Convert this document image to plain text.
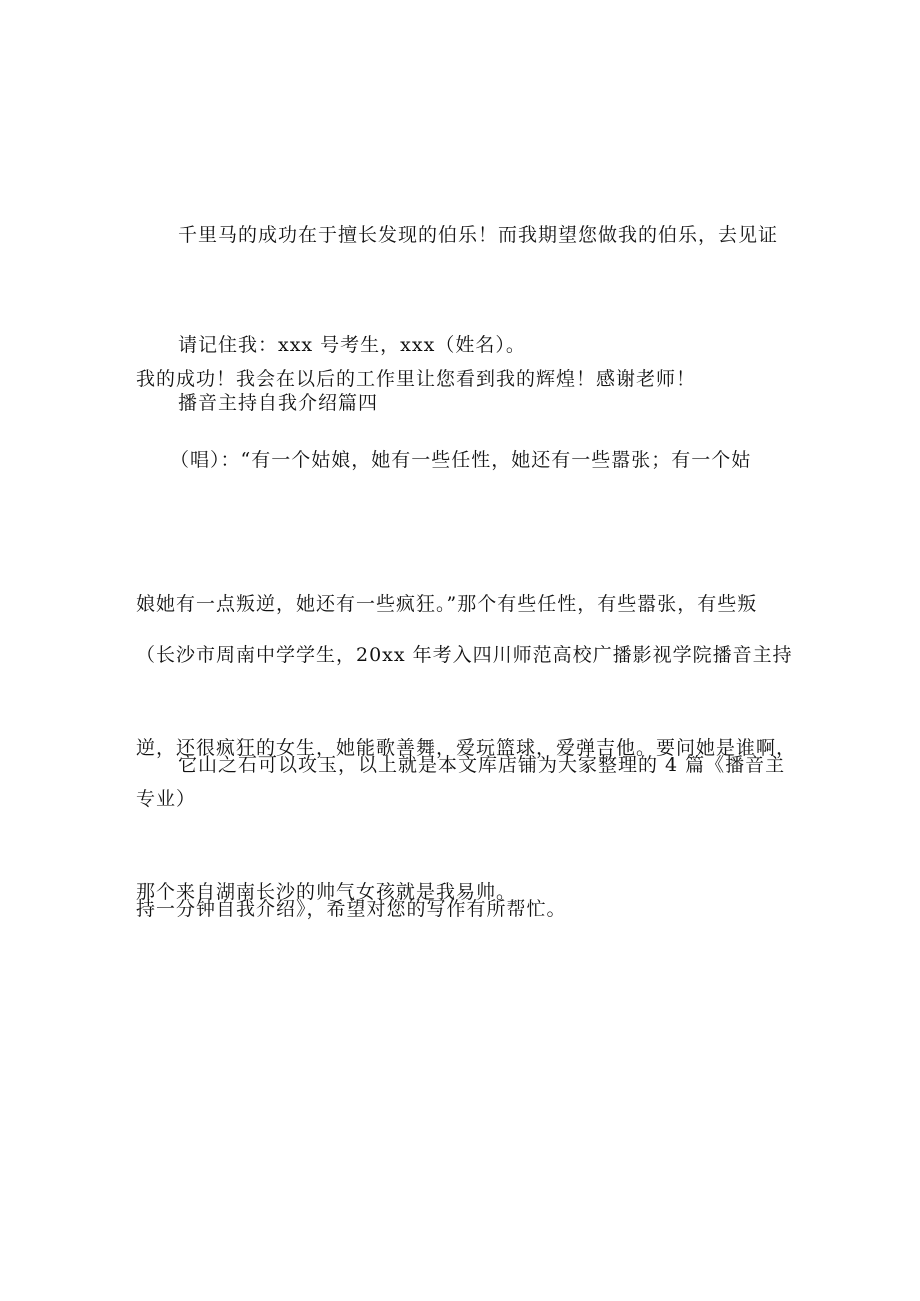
千里马的成功在于擅长发现的伯乐！而我期望您做我的伯乐，去见证

我的成功！我会在以后的工作里让您看到我的辉煌！感谢老师！

请记住我：xxx 号考生，xxx（姓名）。

播音主持自我介绍篇四

（唱）：“有一个姑娘，她有一些任性，她还有一些嚣张；有一个姑

娘她有一点叛逆，她还有一些疯狂。”那个有些任性，有些嚣张，有些叛

逆，还很疯狂的女生，她能歌善舞，爱玩篮球，爱弹吉他。要问她是谁啊，

那个来自湖南长沙的帅气女孩就是我易帅。

（长沙市周南中学学生，20xx 年考入四川师范高校广播影视学院播音主持

专业）

它山之石可以攻玉，以上就是本文库店铺为大家整理的 4 篇《播音主

持一分钟自我介绍》，希望对您的写作有所帮忙。
